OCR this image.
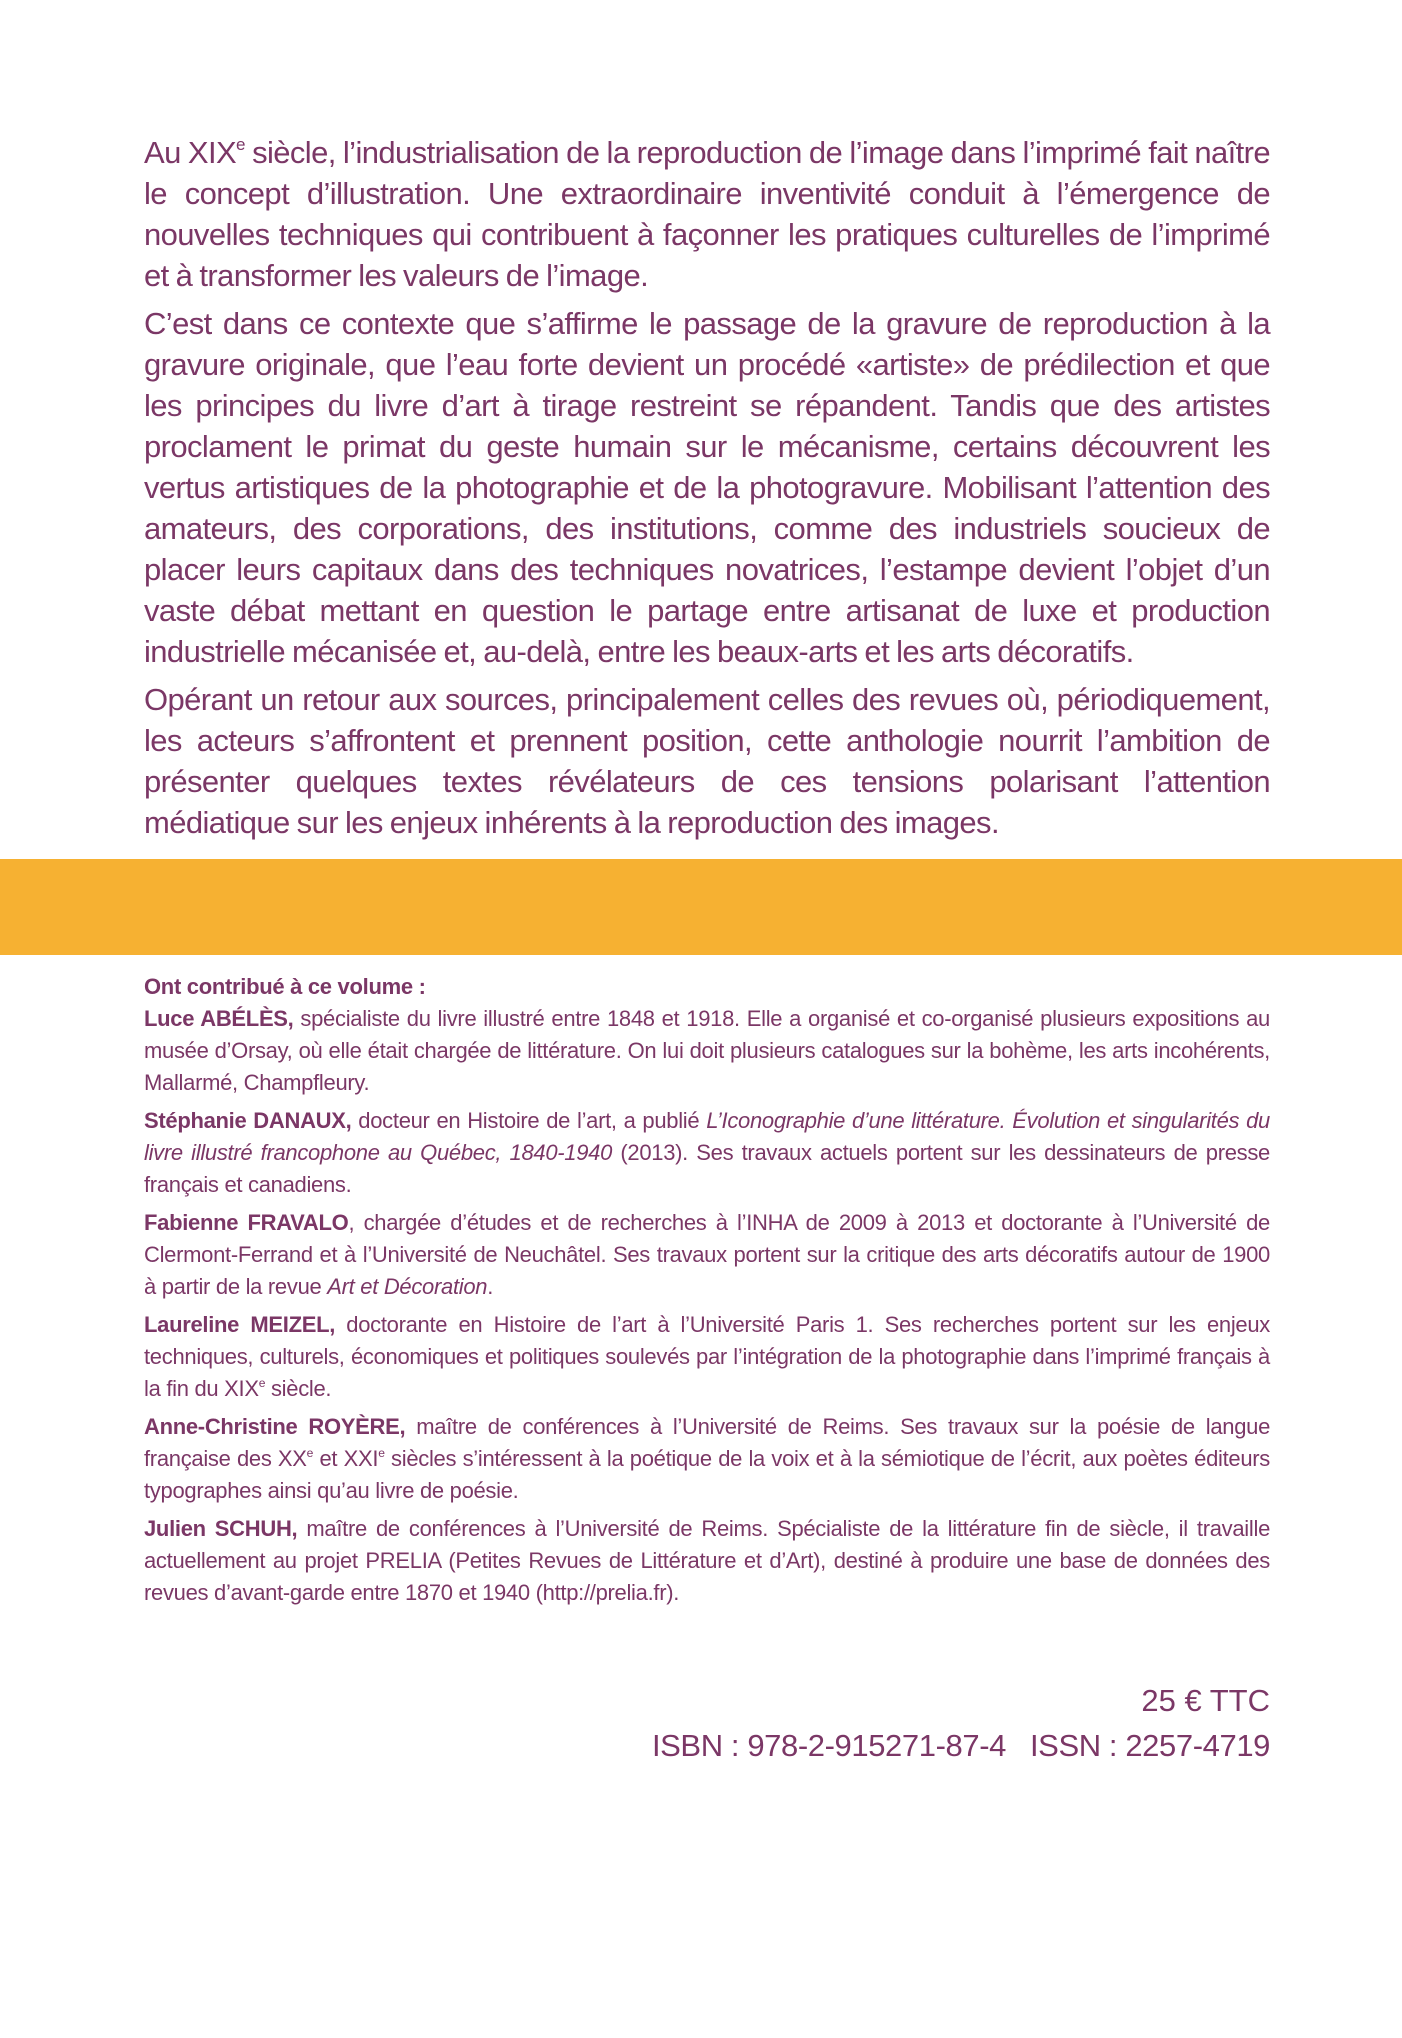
Au XIXe siècle, l’industrialisation de la reproduction de l’image dans l’imprimé fait naître le concept d’illustration. Une extraordinaire inventivité conduit à l’émergence de nouvelles techniques qui contribuent à façonner les pratiques culturelles de l’imprimé et à transformer les valeurs de l’image.

C’est dans ce contexte que s’affirme le passage de la gravure de reproduction à la gravure originale, que l’eau forte devient un procédé «artiste» de prédilection et que les principes du livre d’art à tirage restreint se répandent. Tandis que des artistes proclament le primat du geste humain sur le mécanisme, certains découvrent les vertus artistiques de la photographie et de la photogravure. Mobilisant l’attention des amateurs, des corporations, des institutions, comme des industriels soucieux de placer leurs capitaux dans des techniques novatrices, l’estampe devient l’objet d’un vaste débat mettant en question le partage entre artisanat de luxe et production industrielle mécanisée et, au-delà, entre les beaux-arts et les arts décoratifs.

Opérant un retour aux sources, principalement celles des revues où, périodiquement, les acteurs s’affrontent et prennent position, cette anthologie nourrit l’ambition de présenter quelques textes révélateurs de ces tensions polarisant l’attention médiatique sur les enjeux inhérents à la reproduction des images.

Ont contribué à ce volume :

Luce ABÉLÈS, spécialiste du livre illustré entre 1848 et 1918. Elle a organisé et co-organisé plusieurs expositions au musée d’Orsay, où elle était chargée de littérature. On lui doit plusieurs catalogues sur la bohème, les arts incohérents, Mallarmé, Champfleury.

Stéphanie DANAUX, docteur en Histoire de l’art, a publié L’Iconographie d’une littérature. Évolution et singularités du livre illustré francophone au Québec, 1840-1940 (2013). Ses travaux actuels portent sur les dessinateurs de presse français et canadiens.

Fabienne FRAVALO, chargée d’études et de recherches à l’INHA de 2009 à 2013 et doctorante à l’Université de Clermont-Ferrand et à l’Université de Neuchâtel. Ses travaux portent sur la critique des arts décoratifs autour de 1900 à partir de la revue Art et Décoration.

Laureline MEIZEL, doctorante en Histoire de l’art à l’Université Paris 1. Ses recherches portent sur les enjeux techniques, culturels, économiques et politiques soulevés par l’intégration de la photographie dans l’imprimé français à la fin du XIXe siècle.

Anne-Christine ROYÈRE, maître de conférences à l’Université de Reims. Ses travaux sur la poésie de langue française des XXe et XXIe siècles s’intéressent à la poétique de la voix et à la sémiotique de l’écrit, aux poètes éditeurs typographes ainsi qu’au livre de poésie.

Julien SCHUH, maître de conférences à l’Université de Reims. Spécialiste de la littérature fin de siècle, il travaille actuellement au projet PRELIA (Petites Revues de Littérature et d’Art), destiné à produire une base de données des revues d’avant-garde entre 1870 et 1940 (http://prelia.fr).

25 € TTC
ISBN : 978-2-915271-87-4 ISSN : 2257-4719
